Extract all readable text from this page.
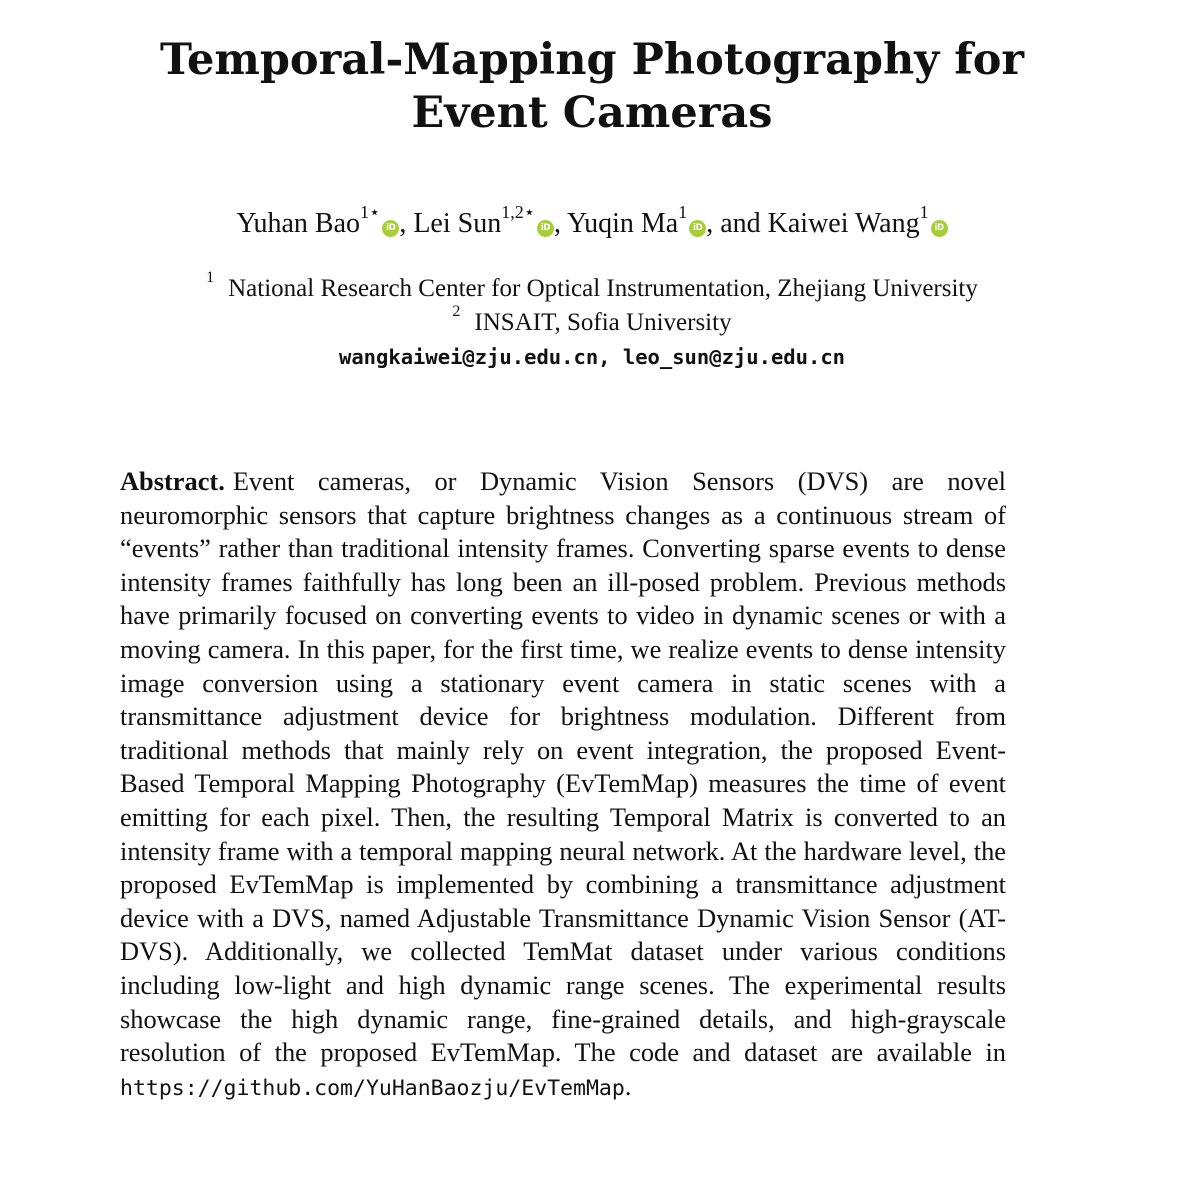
Temporal-Mapping Photography for Event Cameras
Yuhan Bao$^{1⋆}$iD , Lei Sun$^{1,2⋆}$iD , Yuqin Ma$^1$iD , and Kaiwei Wang$^1$iD
$^1$ National Research Center for Optical Instrumentation, Zhejiang University
$^2$ INSAIT, Sofia University
wangkaiwei@zju.edu.cn, leo_sun@zju.edu.cn

Abstract. Event cameras, or Dynamic Vision Sensors (DVS) are novel neuromorphic sensors that capture brightness changes as a continuous stream of “events” rather than traditional intensity frames. Converting sparse events to dense intensity frames faithfully has long been an ill-posed problem. Previous methods have primarily focused on converting events to video in dynamic scenes or with a moving camera. In this paper, for the first time, we realize events to dense intensity image conversion using a stationary event camera in static scenes with a transmittance adjustment device for brightness modulation. Different from traditional methods that mainly rely on event integration, the proposed Event-Based Temporal Mapping Photography (EvTemMap) measures the time of event emitting for each pixel. Then, the resulting Temporal Matrix is converted to an intensity frame with a temporal mapping neural network. At the hardware level, the proposed EvTemMap is implemented by combining a transmittance adjustment device with a DVS, named Adjustable Transmittance Dynamic Vision Sensor (AT-DVS). Additionally, we collected TemMat dataset under various conditions including low-light and high dynamic range scenes. The experimental results showcase the high dynamic range, fine-grained details, and high-grayscale resolution of the proposed EvTemMap. The code and dataset are available in https://github.com/YuHanBaozju/EvTemMap.
